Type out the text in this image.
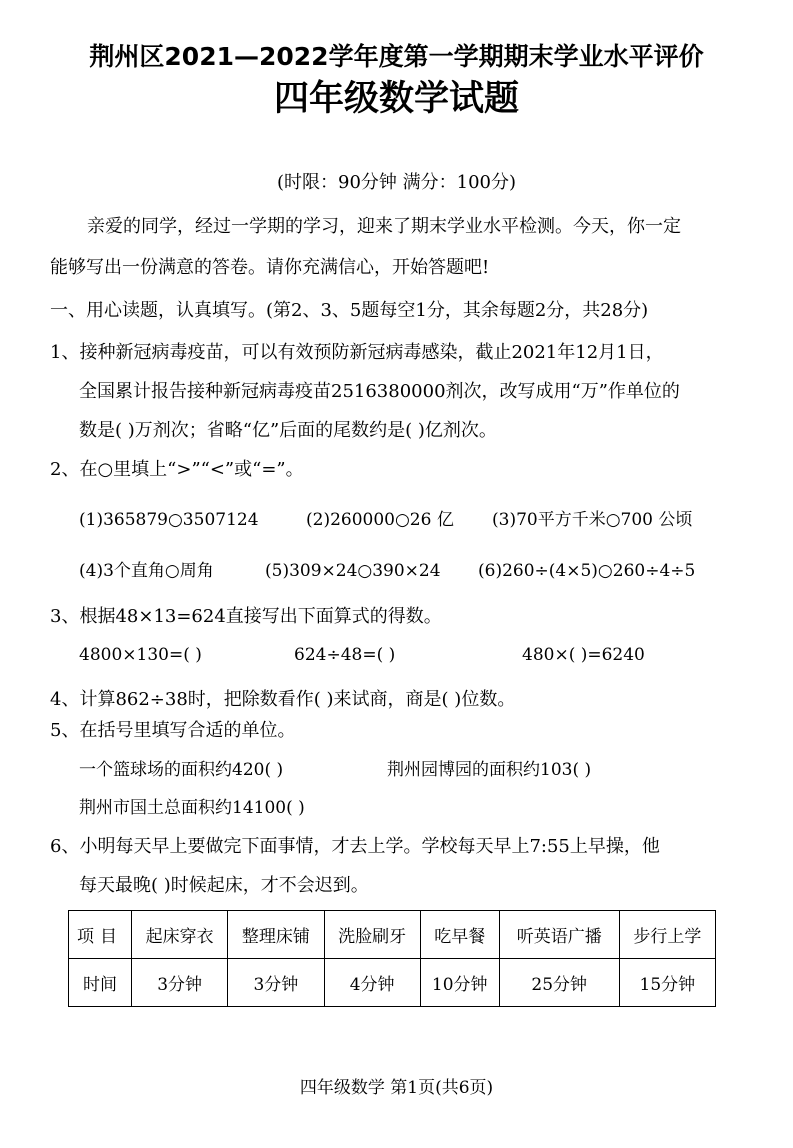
荆州区2021—2022学年度第一学期期末学业水平评价
四年级数学试题
(时限：90分钟 满分：100分)
亲爱的同学，经过一学期的学习，迎来了期末学业水平检测。今天，你一定
能够写出一份满意的答卷。请你充满信心，开始答题吧!
一、用心读题，认真填写。(第2、3、5题每空1分，其余每题2分，共28分)
1、接种新冠病毒疫苗，可以有效预防新冠病毒感染，截止2021年12月1日，
全国累计报告接种新冠病毒疫苗2516380000剂次，改写成用“万”作单位的
数是( )万剂次；省略“亿”后面的尾数约是( )亿剂次。
2、在○里填上“>”“<”或“=”。
(1)365879○3507124	(2)260000○26 亿 (3)70平方千米○700 公顷
(4)3个直角○周角	(5)309×24○390×24 (6)260÷(4×5)○260÷4÷5
3、根据48×13=624直接写出下面算式的得数。
4800×130=( )	624÷48=( )	480×( )=6240
4、计算862÷38时，把除数看作( )来试商，商是( )位数。
5、在括号里填写合适的单位。
一个篮球场的面积约420( )	荆州园博园的面积约103( )
荆州市国土总面积约14100( )
6、小明每天早上要做完下面事情，才去上学。学校每天早上7:55上早操，他
每天最晚( )时候起床，才不会迟到。
项目	起床穿衣	整理床铺	洗脸刷牙	吃早餐	听英语广播	步行上学
时间	3分钟	3分钟	4分钟	10分钟	25分钟	15分钟
四年级数学 第1页(共6页)
